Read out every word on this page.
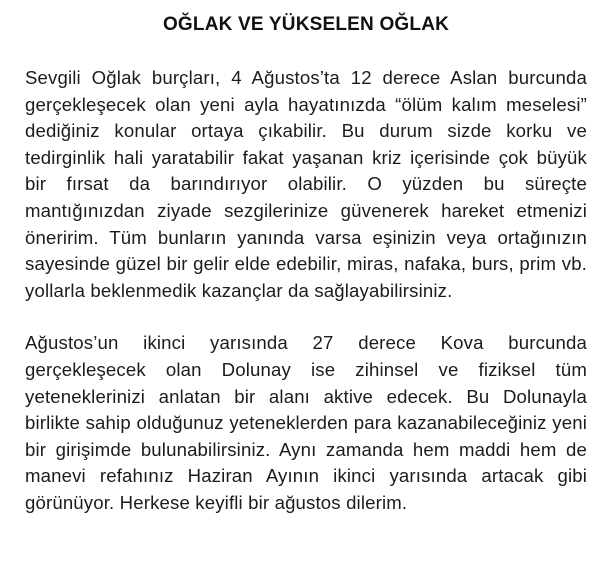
OĞLAK VE YÜKSELEN OĞLAK

Sevgili Oğlak burçları, 4 Ağustos’ta 12 derece Aslan burcunda gerçekleşecek olan yeni ayla hayatınızda “ölüm kalım meselesi” dediğiniz konular ortaya çıkabilir. Bu durum sizde korku ve tedirginlik hali yaratabilir fakat yaşanan kriz içerisinde çok büyük bir fırsat da barındırıyor olabilir. O yüzden bu süreçte mantığınızdan ziyade sezgilerinize güvenerek hareket etmenizi öneririm. Tüm bunların yanında varsa eşinizin veya ortağınızın sayesinde güzel bir gelir elde edebilir, miras, nafaka, burs, prim vb. yollarla beklenmedik kazançlar da sağlayabilirsiniz.

Ağustos’un ikinci yarısında 27 derece Kova burcunda gerçekleşecek olan Dolunay ise zihinsel ve fiziksel tüm yeteneklerinizi anlatan bir alanı aktive edecek. Bu Dolunayla birlikte sahip olduğunuz yeteneklerden para kazanabileceğiniz yeni bir girişimde bulunabilirsiniz. Aynı zamanda hem maddi hem de manevi refahınız Haziran Ayının ikinci yarısında artacak gibi görünüyor. Herkese keyifli bir ağustos dilerim.
